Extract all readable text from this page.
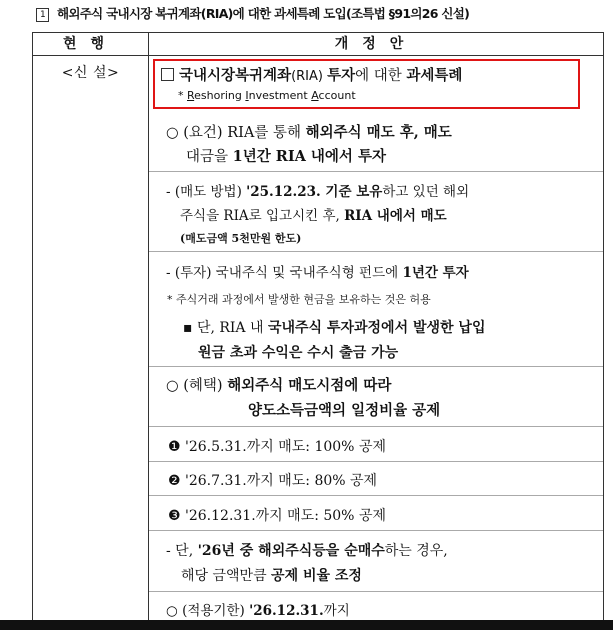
1 해외주식 국내시장 복귀계좌(RIA)에 대한 과세특례 도입(조특법 §91의26 신설)
현행	개정안
<신 설>	국내시장복귀계좌(RIA) 투자에 대한 과세특례
* Reshoring Investment Account
○ (요건) RIA를 통해 해외주식 매도 후, 매도
대금을 1년간 RIA 내에서 투자
- (매도 방법) '25.12.23. 기준 보유하고 있던 해외
주식을 RIA로 입고시킨 후, RIA 내에서 매도
(매도금액 5천만원 한도)
- (투자) 국내주식 및 국내주식형 펀드에 1년간 투자
* 주식거래 과정에서 발생한 현금을 보유하는 것은 허용
▪ 단, RIA 내 국내주식 투자과정에서 발생한 납입
원금 초과 수익은 수시 출금 가능
○ (혜택) 해외주식 매도시점에 따라
양도소득금액의 일정비율 공제
❶ '26.5.31.까지 매도: 100% 공제
❷ '26.7.31.까지 매도: 80% 공제
❸ '26.12.31.까지 매도: 50% 공제
- 단, '26년 중 해외주식등을 순매수하는 경우,
해당 금액만큼 공제 비율 조정
○ (적용기한) '26.12.31.까지
